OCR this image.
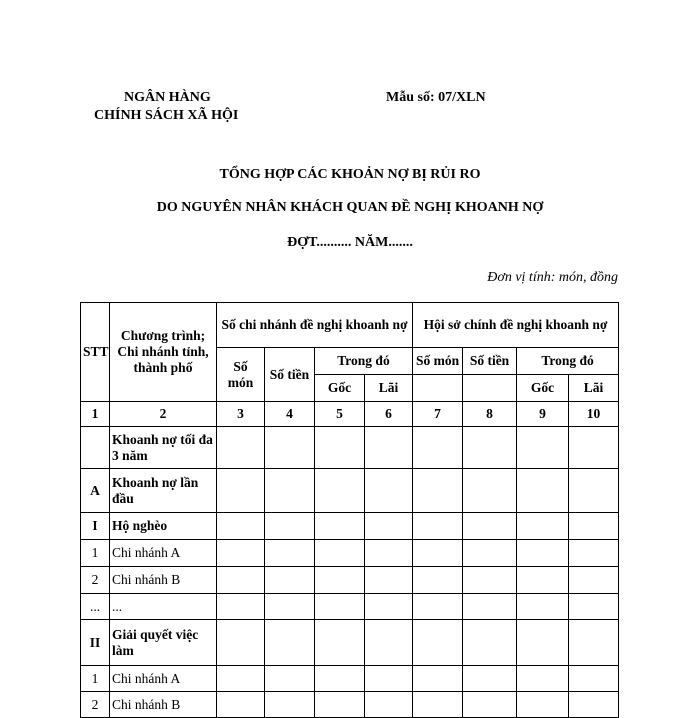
NGÂN HÀNG
CHÍNH SÁCH XÃ HỘI
Mẫu số: 07/XLN
TỔNG HỢP CÁC KHOẢN NỢ BỊ RỦI RO
DO NGUYÊN NHÂN KHÁCH QUAN ĐỀ NGHỊ KHOANH NỢ
ĐỢT.......... NĂM.......
Đơn vị tính: món, đồng
STT	Chương trình; Chi nhánh tỉnh, thành phố	Số chi nhánh đề nghị khoanh nợ				Hội sở chính đề nghị khoanh nợ			
		Số món	Số tiền	Trong đó		Số món	Số tiền	Trong đó	
				Gốc	Lãi			Gốc	Lãi
1	2	3	4	5	6	7	8	9	10
	Khoanh nợ tối đa 3 năm								
A	Khoanh nợ lần đầu								
I	Hộ nghèo								
1	Chi nhánh A								
2	Chi nhánh B								
...	...								
II	Giải quyết việc làm								
1	Chi nhánh A								
2	Chi nhánh B								
